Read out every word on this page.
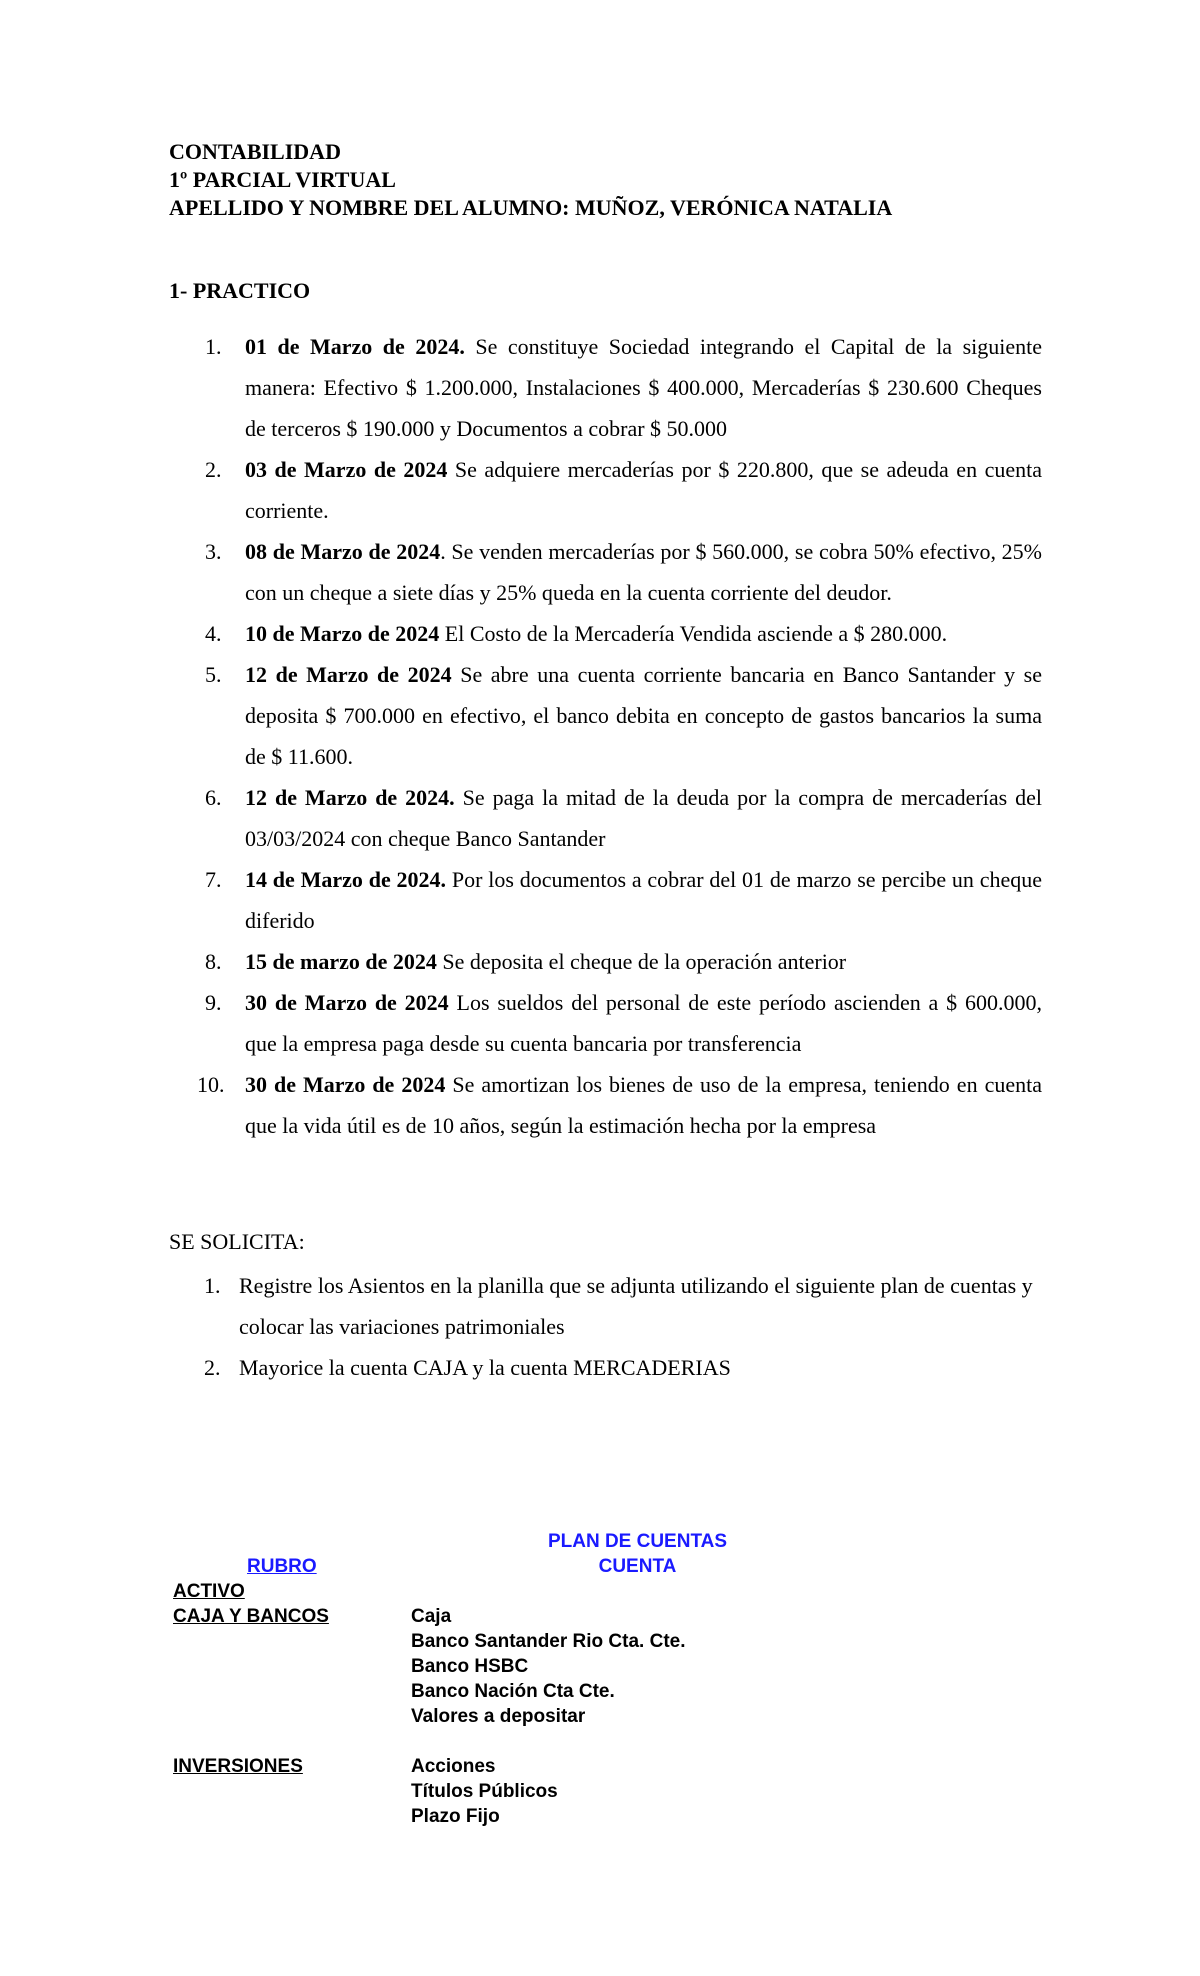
CONTABILIDAD
1º PARCIAL VIRTUAL
APELLIDO Y NOMBRE DEL ALUMNO: MUÑOZ, VERÓNICA NATALIA
1- PRACTICO
1.	01 de Marzo de 2024. Se constituye Sociedad integrando el Capital de la siguiente manera: Efectivo $ 1.200.000, Instalaciones $ 400.000, Mercaderías $ 230.600 Cheques de terceros $ 190.000 y Documentos a cobrar $ 50.000
2.	03 de Marzo de 2024 Se adquiere mercaderías por $ 220.800, que se adeuda en cuenta corriente.
3.	08 de Marzo de 2024. Se venden mercaderías por $ 560.000, se cobra 50% efectivo, 25% con un cheque a siete días y 25% queda en la cuenta corriente del deudor.
4.	10 de Marzo de 2024 El Costo de la Mercadería Vendida asciende a $ 280.000.
5.	12 de Marzo de 2024 Se abre una cuenta corriente bancaria en Banco Santander y se deposita $ 700.000 en efectivo, el banco debita en concepto de gastos bancarios la suma de $ 11.600.
6.	12 de Marzo de 2024. Se paga la mitad de la deuda por la compra de mercaderías del 03/03/2024 con cheque Banco Santander
7.	14 de Marzo de 2024. Por los documentos a cobrar del 01 de marzo se percibe un cheque diferido
8.	15 de marzo de 2024 Se deposita el cheque de la operación anterior
9.	30 de Marzo de 2024 Los sueldos del personal de este período ascienden a $ 600.000, que la empresa paga desde su cuenta bancaria por transferencia
10. 30 de Marzo de 2024 Se amortizan los bienes de uso de la empresa, teniendo en cuenta que la vida útil es de 10 años, según la estimación hecha por la empresa
SE SOLICITA:
1. Registre los Asientos en la planilla que se adjunta utilizando el siguiente plan de cuentas y colocar las variaciones patrimoniales
2. Mayorice la cuenta CAJA y la cuenta MERCADERIAS
PLAN DE CUENTAS
RUBRO	CUENTA
ACTIVO
CAJA Y BANCOS	Caja
Banco Santander Rio Cta. Cte.
Banco HSBC
Banco Nación Cta Cte.
Valores a depositar
INVERSIONES	Acciones
Títulos Públicos
Plazo Fijo
